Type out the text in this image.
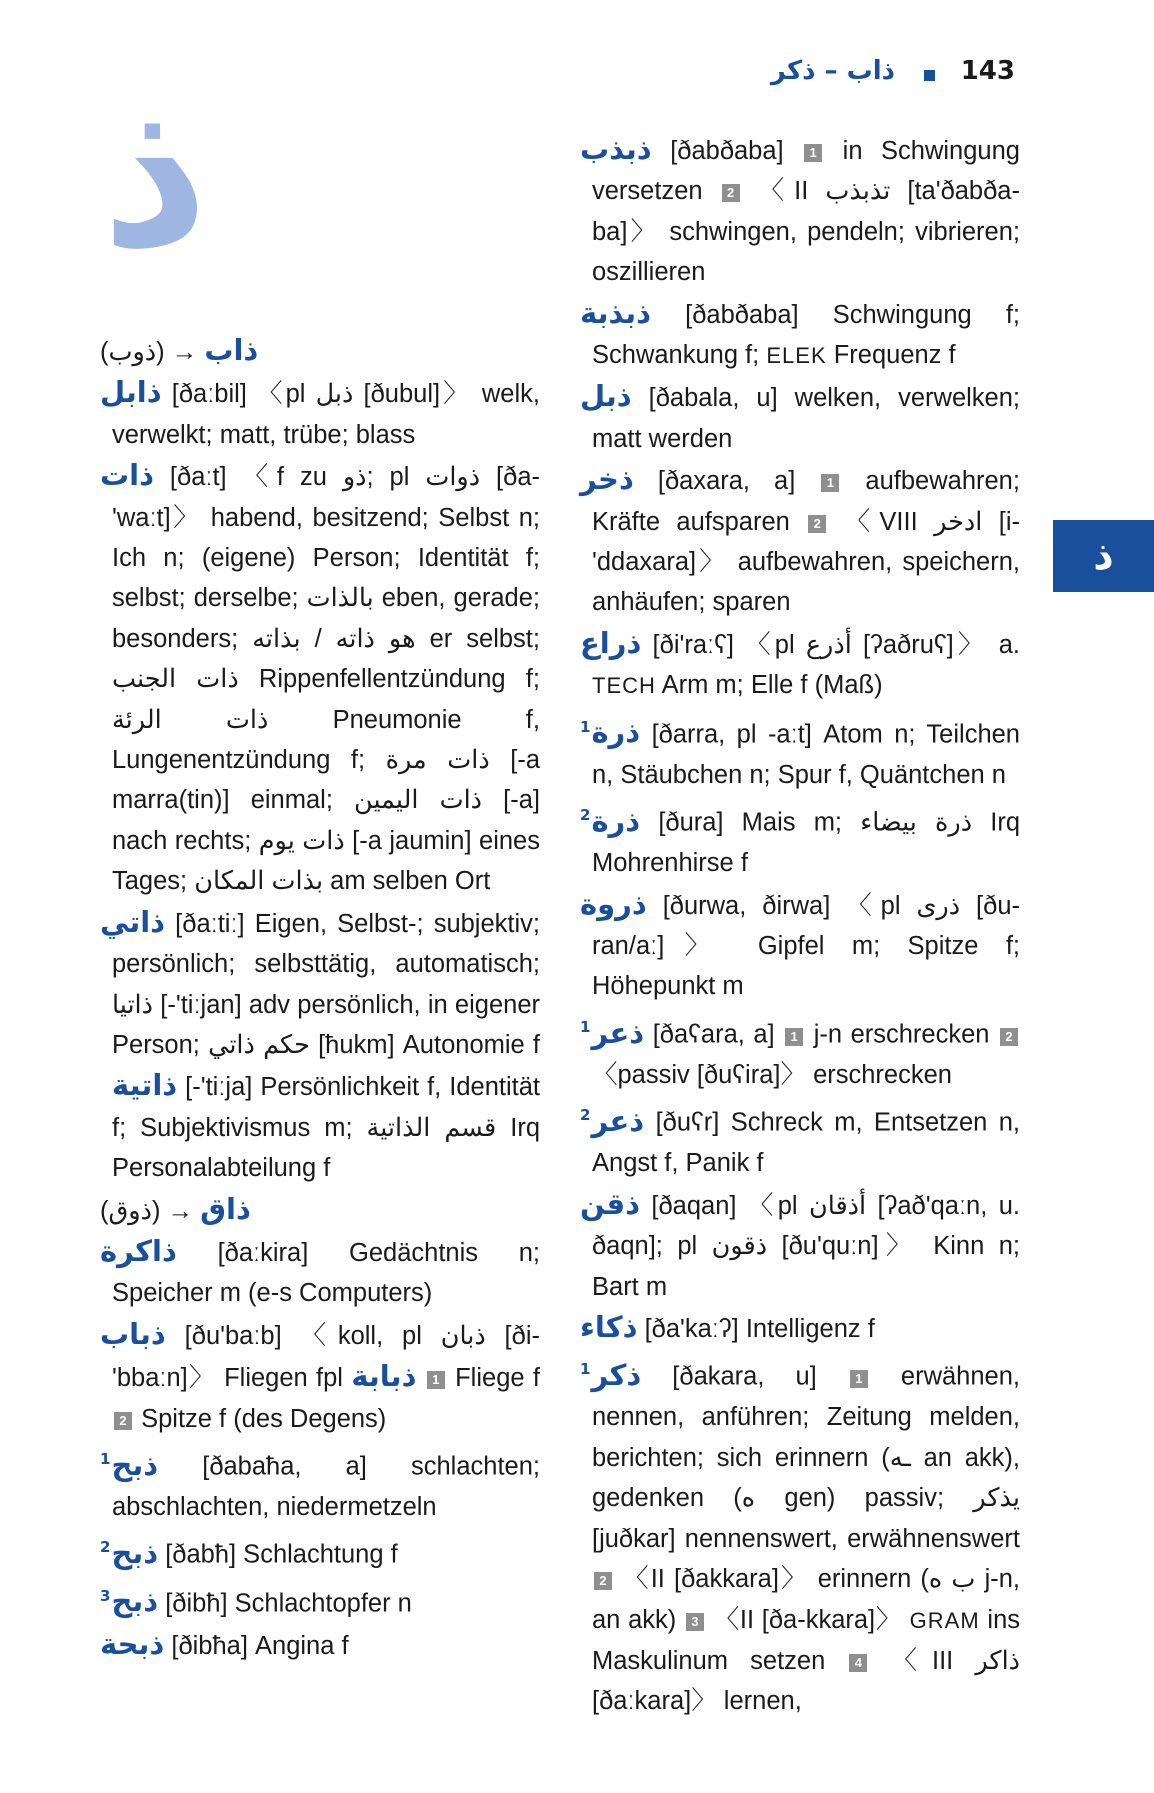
ذاب – ذكر	143
ذ
ذ

ذاب → (ذوب)

ذابل [ðaːbil] 〈pl ذبل [ðubul]〉 welk, verwelkt; matt, trübe; blass

ذات [ðaːt] 〈f zu ذو; pl ذوات [ða-'waːt]〉 habend, besitzend; Selbst n; Ich n; (eigene) Person; Identität f; selbst; derselbe; بالذات eben, gerade; besonders; هو ذاته / بذاته er selbst; ذات الجنب Rippenfellentzündung f; ذات الرئة Pneumonie f, Lungenentzündung f; ذات مرة [-a marra(tin)] einmal; ذات اليمين [-a] nach rechts; ذات يوم [-a jaumin] eines Tages; بذات المكان am selben Ort

ذاتي [ðaːtiː] Eigen, Selbst-; subjektiv; persönlich; selbsttätig, automatisch; ذاتيا [-'tiːjan] adv persönlich, in eigener Person; حكم ذاتي [ħukm] Autonomie f ذاتية [-'tiːja] Persönlichkeit f, Identität f; Subjektivismus m; قسم الذاتية Irq Personalabteilung f

ذاق → (ذوق)

ذاكرة [ðaːkira] Gedächtnis n; Speicher m (e-s Computers)

ذباب [ðu'baːb] 〈koll, pl ذبان [ði-'bbaːn]〉 Fliegen fpl ذبابة 1 Fliege f 2 Spitze f (des Degens)

$^1$ذبح [ðabaħa, a] schlachten; abschlachten, niedermetzeln

$^2$ذبح [ðabħ] Schlachtung f

$^3$ذبح [ðibħ] Schlachtopfer n

ذبحة [ðibħa] Angina f

ذبذب [ðabðaba] 1 in Schwingung versetzen 2 〈II تذبذب [ta'ðabða-ba]〉 schwingen, pendeln; vibrieren; oszillieren

ذبذبة [ðabðaba] Schwingung f; Schwankung f; ELEK Frequenz f

ذبل [ðabala, u] welken, verwelken; matt werden

ذخر [ðaxara, a] 1 aufbewahren; Kräfte aufsparen 2 〈VIII ادخر [i-'ddaxara]〉 aufbewahren, speichern, anhäufen; sparen

ذراع [ði'raːʕ] 〈pl أذرع [ʔaðruʕ]〉 a. TECH Arm m; Elle f (Maß)

$^1$ذرة [ðarra, pl -aːt] Atom n; Teilchen n, Stäubchen n; Spur f, Quäntchen n

$^2$ذرة [ðura] Mais m; ذرة بيضاء Irq Mohrenhirse f

ذروة [ðurwa, ðirwa] 〈pl ذرى [ðu-ran/aː]〉 Gipfel m; Spitze f; Höhepunkt m

$^1$ذعر [ðaʕara, a] 1 j-n erschrecken 2 〈passiv [ðuʕira]〉 erschrecken

$^2$ذعر [ðuʕr] Schreck m, Entsetzen n, Angst f, Panik f

ذقن [ðaqan] 〈pl أذقان [ʔað'qaːn, u. ðaqn]; pl ذقون [ðu'quːn]〉 Kinn n; Bart m

ذكاء [ða'kaːʔ] Intelligenz f

$^1$ذكر [ðakara, u]	1 erwähnen, nennen, anführen; Zeitung melden, berichten; sich erinnern (ـه an akk), gedenken (ه gen) passiv; يذكر [juðkar] nennenswert, erwähnenswert 2 〈II [ðakkara]〉 erinnern (ب ه j-n, an akk) 3 〈II [ða-kkara]〉 GRAM ins Maskulinum setzen 4 〈III ذاكر [ðaːkara]〉 lernen,
